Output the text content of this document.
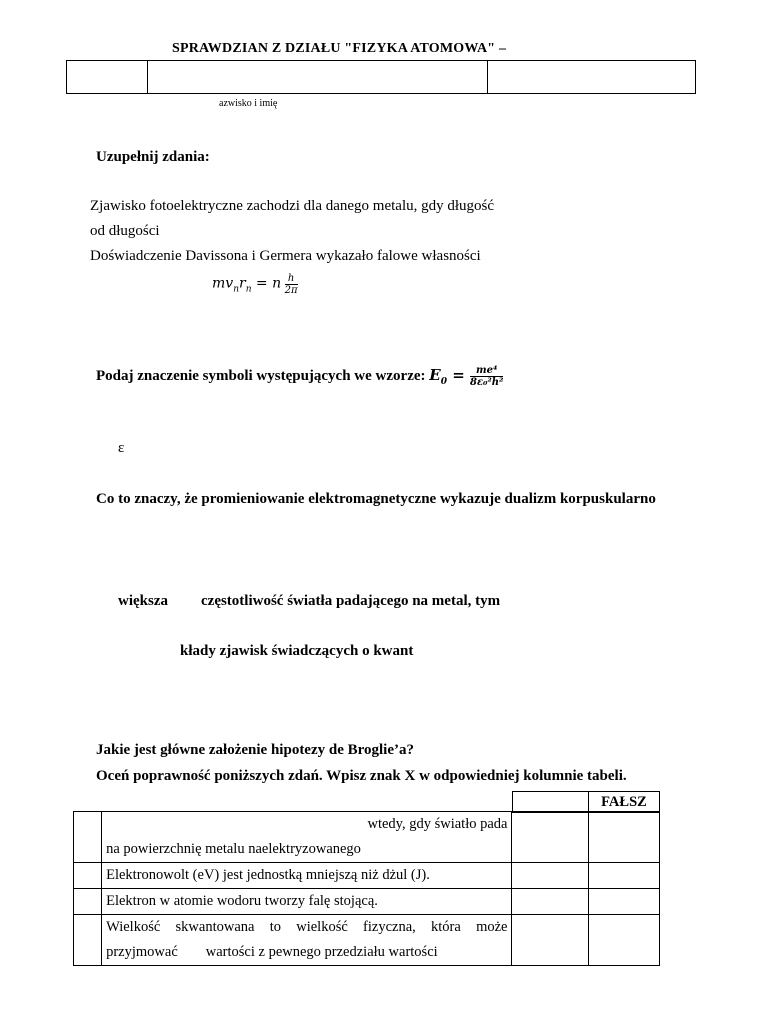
SPRAWDZIAN Z DZIAŁU "FIZYKA ATOMOWA" –
azwisko i imię
Uzupełnij zdania:
Zjawisko fotoelektryczne zachodzi dla danego metalu, gdy długość
od długości
Doświadczenie Davissona i Germera wykazało falowe własności
$mv_nr_n = n \frac{h}{2\pi}$
Podaj znaczenie symboli występujących we wzorze: $E_0 = \frac{\text{me⁴}}{\text{8ε₀²h²}}$
ε
Co to znaczy, że promieniowanie elektromagnetyczne wykazuje dualizm korpuskularno
większa częstotliwość światła padającego na metal, tym
kłady zjawisk świadczących o kwant
Jakie jest główne założenie hipotezy de Broglie’a?
Oceń poprawność poniższych zdań. Wpisz znak X w odpowiedniej kolumnie tabeli.
	FAŁSZ

	wtedy, gdy światło pada
na powierzchnię metalu naelektryzowanego		

	Elektronowolt (eV) jest jednostką mniejszą niż dżul (J).		

	Elektron w atomie wodoru tworzy falę stojącą.		

	Wielkość skwantowana to wielkość fizyczna, która może
przyjmować wartości z pewnego przedziału wartości		
